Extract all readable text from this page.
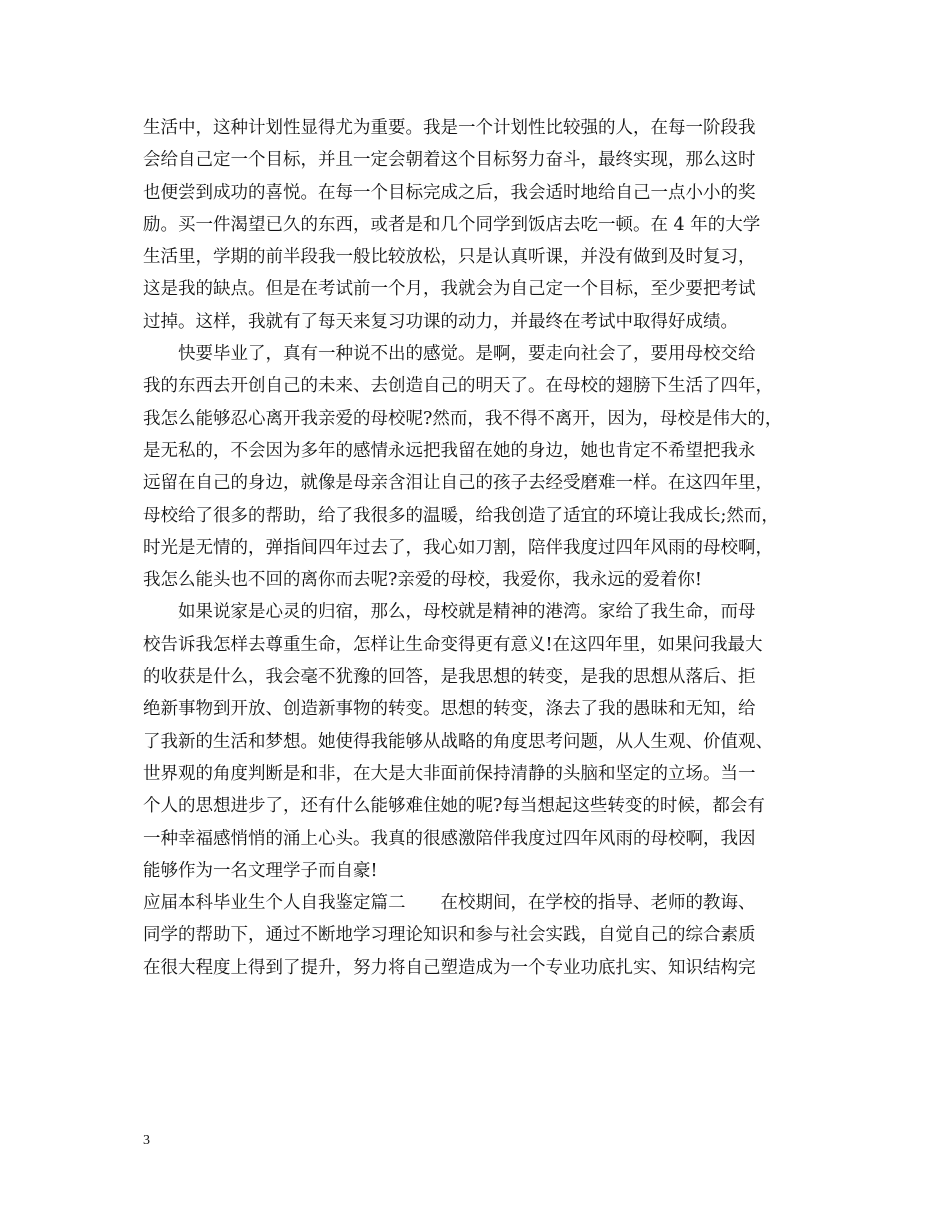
生活中，这种计划性显得尤为重要。我是一个计划性比较强的人，在每一阶段我
会给自己定一个目标，并且一定会朝着这个目标努力奋斗，最终实现，那么这时
也便尝到成功的喜悦。在每一个目标完成之后，我会适时地给自己一点小小的奖
励。买一件渴望已久的东西，或者是和几个同学到饭店去吃一顿。在 4 年的大学
生活里，学期的前半段我一般比较放松，只是认真听课，并没有做到及时复习，
这是我的缺点。但是在考试前一个月，我就会为自己定一个目标，至少要把考试
过掉。这样，我就有了每天来复习功课的动力，并最终在考试中取得好成绩。
快要毕业了，真有一种说不出的感觉。是啊，要走向社会了，要用母校交给
我的东西去开创自己的未来、去创造自己的明天了。在母校的翅膀下生活了四年，
我怎么能够忍心离开我亲爱的母校呢?然而，我不得不离开，因为，母校是伟大的，
是无私的，不会因为多年的感情永远把我留在她的身边，她也肯定不希望把我永
远留在自己的身边，就像是母亲含泪让自己的孩子去经受磨难一样。在这四年里，
母校给了很多的帮助，给了我很多的温暖，给我创造了适宜的环境让我成长;然而，
时光是无情的，弹指间四年过去了，我心如刀割，陪伴我度过四年风雨的母校啊，
我怎么能头也不回的离你而去呢?亲爱的母校，我爱你，我永远的爱着你!
如果说家是心灵的归宿，那么，母校就是精神的港湾。家给了我生命，而母
校告诉我怎样去尊重生命，怎样让生命变得更有意义!在这四年里，如果问我最大
的收获是什么，我会毫不犹豫的回答，是我思想的转变，是我的思想从落后、拒
绝新事物到开放、创造新事物的转变。思想的转变，涤去了我的愚昧和无知，给
了我新的生活和梦想。她使得我能够从战略的角度思考问题，从人生观、价值观、
世界观的角度判断是和非，在大是大非面前保持清静的头脑和坚定的立场。当一
个人的思想进步了，还有什么能够难住她的呢?每当想起这些转变的时候，都会有
一种幸福感悄悄的涌上心头。我真的很感激陪伴我度过四年风雨的母校啊，我因
能够作为一名文理学子而自豪!
应届本科毕业生个人自我鉴定篇二　　在校期间，在学校的指导、老师的教诲、
同学的帮助下，通过不断地学习理论知识和参与社会实践，自觉自己的综合素质
在很大程度上得到了提升，努力将自己塑造成为一个专业功底扎实、知识结构完
3
